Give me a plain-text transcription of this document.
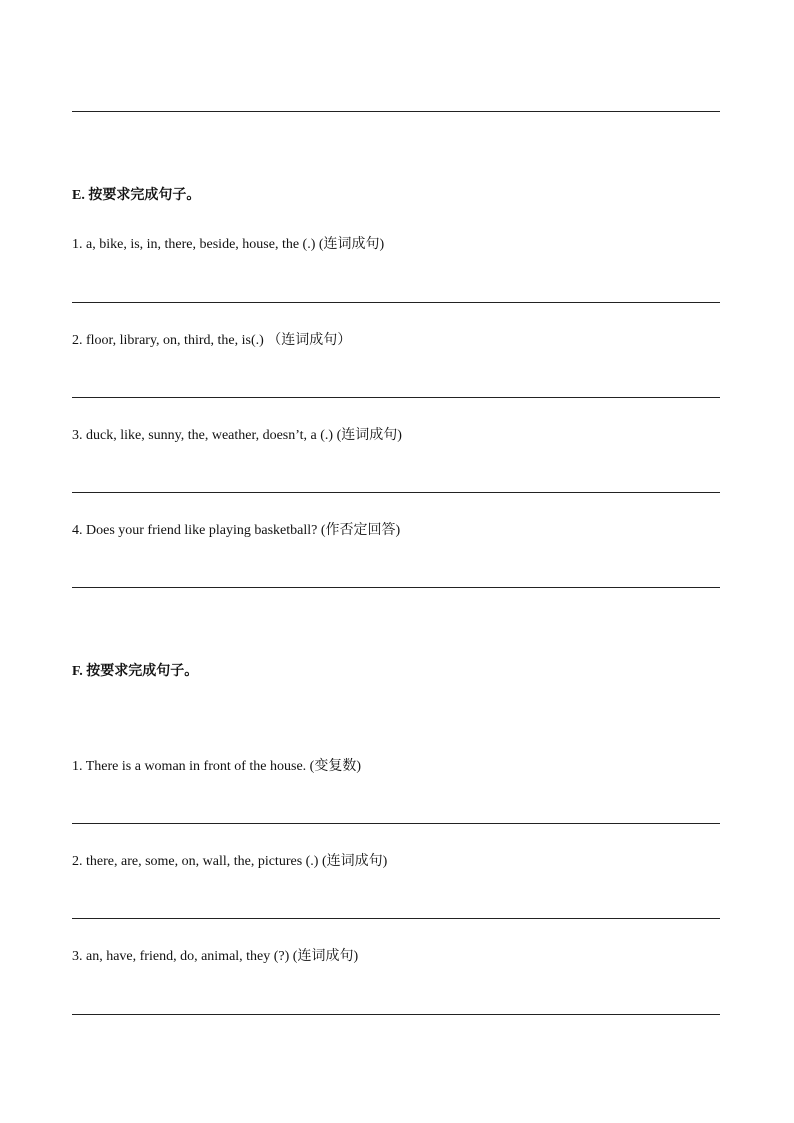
E. 按要求完成句子。
1. a, bike, is, in, there, beside, house, the (.) (连词成句)
2. floor, library, on, third, the, is(.) （连词成句）
3. duck, like, sunny, the, weather, doesn’t, a (.) (连词成句)
4. Does your friend like playing basketball? (作否定回答)
F. 按要求完成句子。
1. There is a woman in front of the house. (变复数)
2. there, are, some, on, wall, the, pictures (.) (连词成句)
3. an, have, friend, do, animal, they (?) (连词成句)
